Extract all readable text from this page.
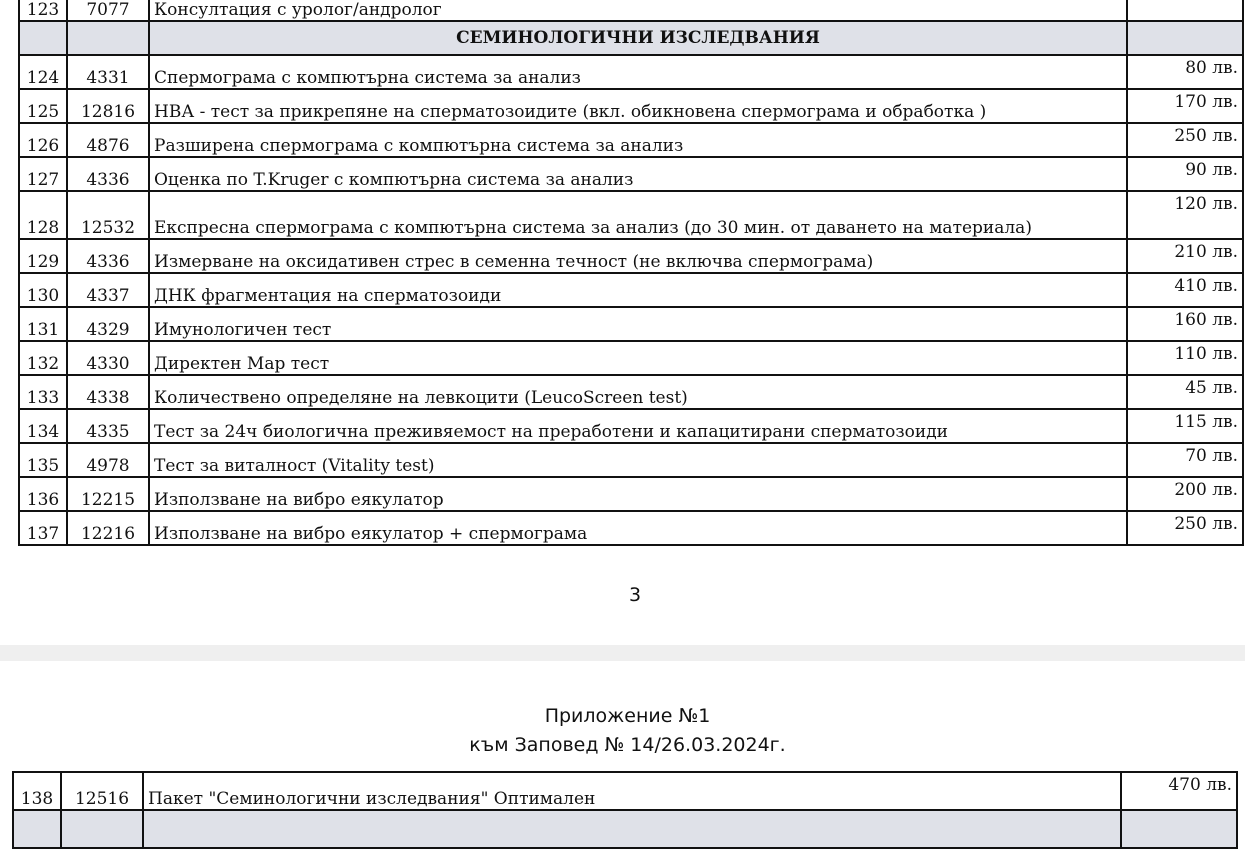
123	7077	Консултация с уролог/андролог	
		СЕМИНОЛОГИЧНИ ИЗСЛЕДВАНИЯ	
124	4331	Спермограма с компютърна система за анализ	80 лв.
125	12816	НВА - тест за прикрепяне на сперматозоидите (вкл. обикновена спермограма и обработка )	170 лв.
126	4876	Разширена спермограма с компютърна система за анализ	250 лв.
127	4336	Оценка по T.Kruger с компютърна система за анализ	90 лв.
128	12532	Експресна спермограма с компютърна система за анализ (до 30 мин. от даването на материала)	120 лв.
129	4336	Измерване на оксидативен стрес в семенна течност (не включва спермограма)	210 лв.
130	4337	ДНК фрагментация на сперматозоиди	410 лв.
131	4329	Имунологичен тест	160 лв.
132	4330	Директен Мар тест	110 лв.
133	4338	Количествено определяне на левкоцити (LeucoScreen test)	45 лв.
134	4335	Тест за 24ч биологична преживяемост на преработени и капацитирани сперматозоиди	115 лв.
135	4978	Тест за виталност (Vitality test)	70 лв.
136	12215	Използване на вибро еякулатор	200 лв.
137	12216	Използване на вибро еякулатор + спермограма	250 лв.
3
Приложение №1
към Заповед № 14/26.03.2024г.
138	12516	Пакет "Семинологични изследвания" Оптимален	470 лв.
